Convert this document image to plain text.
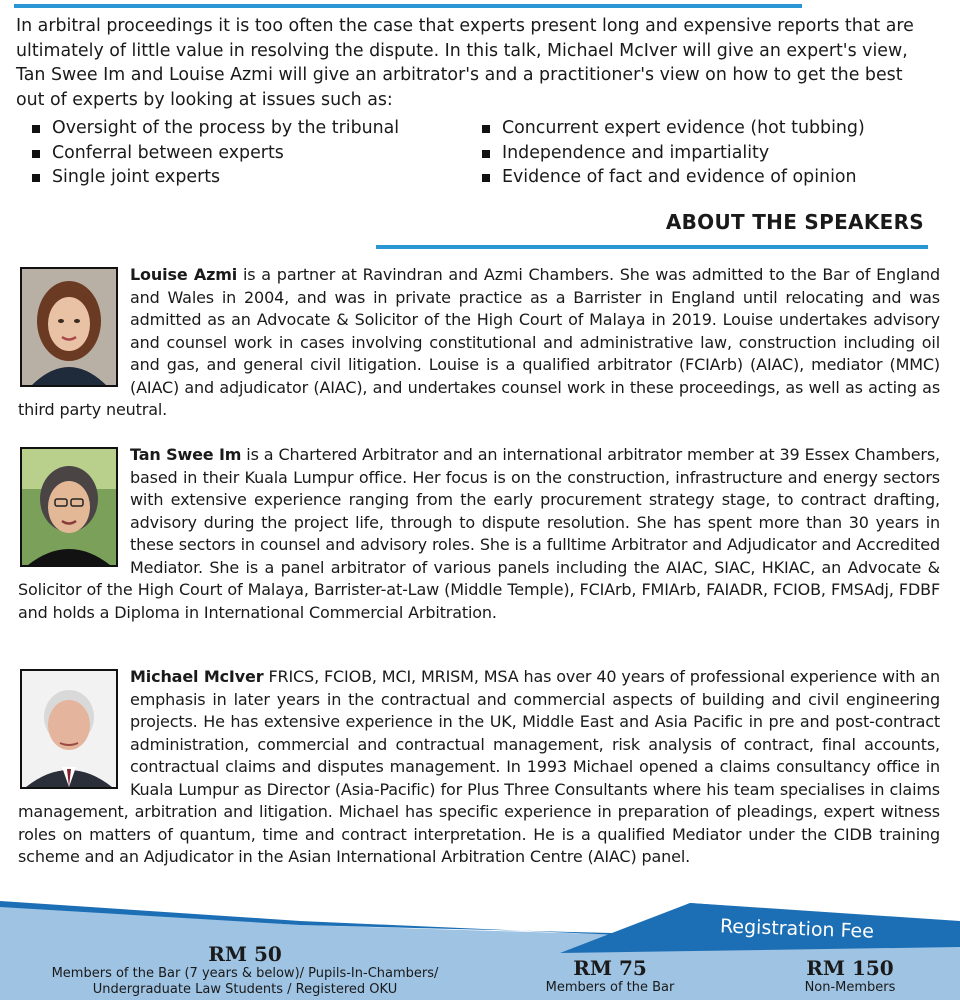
In arbitral proceedings it is too often the case that experts present long and expensive reports that are ultimately of little value in resolving the dispute. In this talk, Michael McIver will give an expert's view, Tan Swee Im and Louise Azmi will give an arbitrator's and a practitioner's view on how to get the best out of experts by looking at issues such as:

Oversight of the process by the tribunal
Conferral between experts
Single joint experts
Concurrent expert evidence (hot tubbing)
Independence and impartiality
Evidence of fact and evidence of opinion
ABOUT THE SPEAKERS

Louise Azmi is a partner at Ravindran and Azmi Chambers. She was admitted to the Bar of England and Wales in 2004, and was in private practice as a Barrister in England until relocating and was admitted as an Advocate & Solicitor of the High Court of Malaya in 2019. Louise undertakes advisory and counsel work in cases involving constitutional and administrative law, construction including oil and gas, and general civil litigation. Louise is a qualified arbitrator (FCIArb) (AIAC), mediator (MMC) (AIAC) and adjudicator (AIAC), and undertakes counsel work in these proceedings, as well as acting as third party neutral.

Tan Swee Im is a Chartered Arbitrator and an international arbitrator member at 39 Essex Chambers, based in their Kuala Lumpur office. Her focus is on the construction, infrastructure and energy sectors with extensive experience ranging from the early procurement strategy stage, to contract drafting, advisory during the project life, through to dispute resolution. She has spent more than 30 years in these sectors in counsel and advisory roles. She is a fulltime Arbitrator and Adjudicator and Accredited Mediator. She is a panel arbitrator of various panels including the AIAC, SIAC, HKIAC, an Advocate & Solicitor of the High Court of Malaya, Barrister-at-Law (Middle Temple), FCIArb, FMIArb, FAIADR, FCIOB, FMSAdj, FDBF and holds a Diploma in International Commercial Arbitration.

Michael McIver FRICS, FCIOB, MCI, MRISM, MSA has over 40 years of professional experience with an emphasis in later years in the contractual and commercial aspects of building and civil engineering projects. He has extensive experience in the UK, Middle East and Asia Pacific in pre and post-contract administration, commercial and contractual management, risk analysis of contract, final accounts, contractual claims and disputes management. In 1993 Michael opened a claims consultancy office in Kuala Lumpur as Director (Asia-Pacific) for Plus Three Consultants where his team specialises in claims management, arbitration and litigation. Michael has specific experience in preparation of pleadings, expert witness roles on matters of quantum, time and contract interpretation. He is a qualified Mediator under the CIDB training scheme and an Adjudicator in the Asian International Arbitration Centre (AIAC) panel.

Registration Fee
RM 50
Members of the Bar (7 years & below)/ Pupils-In-Chambers/
Undergraduate Law Students / Registered OKU
RM 75
Members of the Bar
RM 150
Non-Members
